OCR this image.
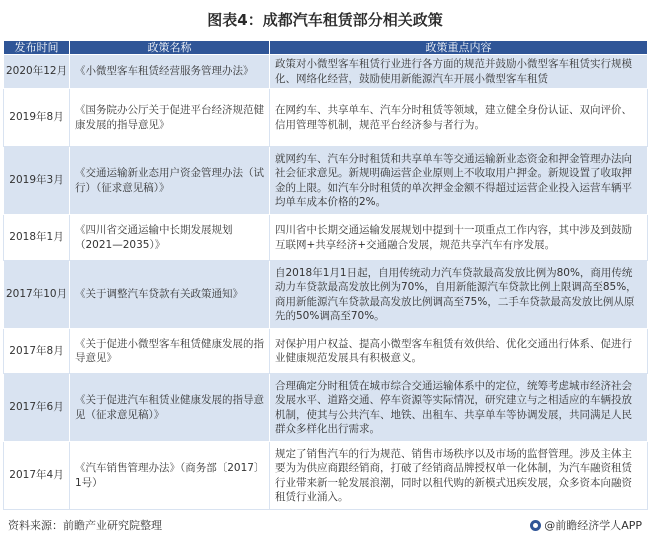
图表4：成都汽车租赁部分相关政策
发布时间	政策名称	政策重点内容
2020年12月	《小微型客车租赁经营服务管理办法》	政策对小微型客车租赁行业进行各方面的规范并鼓励小微型客车租赁实行规模化、网络化经营，鼓励使用新能源汽车开展小微型客车租赁
2019年8月	《国务院办公厅关于促进平台经济规范健康发展的指导意见》	在网约车、共享单车、汽车分时租赁等领域，建立健全身份认证、双向评价、信用管理等机制，规范平台经济参与者行为。
2019年3月	《交通运输新业态用户资金管理办法（试行）（征求意见稿）》	就网约车、汽车分时租赁和共享单车等交通运输新业态资金和押金管理办法向社会征求意见。新规明确运营企业原则上不收取用户押金。新规设置了收取押金的上限。如汽车分时租赁的单次押金金额不得超过运营企业投入运营车辆平均单车成本价格的2%。
2018年1月	《四川省交通运输中长期发展规划（2021—2035）》	四川省中长期交通运输发展规划中提到十一项重点工作内容，其中涉及到鼓励互联网+共享经济+交通融合发展，规范共享汽车有序发展。
2017年10月	《关于调整汽车贷款有关政策通知》	自2018年1月1日起，自用传统动力汽车贷款最高发放比例为80%，商用传统动力车贷款最高发放比例为70%，自用新能源汽车贷款比例上限调高至85%，商用新能源汽车贷款最高发放比例调高至75%，二手车贷款最高发放比例从原先的50%调高至70%。
2017年8月	《关于促进小微型客车租赁健康发展的指导意见》	对保护用户权益、提高小微型客车租赁有效供给、优化交通出行体系、促进行业健康规范发展具有积极意义。
2017年6月	《关于促进汽车租赁业健康发展的指导意见（征求意见稿）》	合理确定分时租赁在城市综合交通运输体系中的定位，统筹考虑城市经济社会发展水平、道路交通、停车资源等实际情况，研究建立与之相适应的车辆投放机制，使其与公共汽车、地铁、出租车、共享单车等协调发展，共同满足人民群众多样化出行需求。
2017年4月	《汽车销售管理办法》（商务部〔2017〕1号）	规定了销售汽车的行为规范、销售市场秩序以及市场的监督管理。涉及主体主要为为供应商跟经销商，打破了经销商品牌授权单一化体制，为汽车融资租赁行业带来新一轮发展浪潮，同时以租代购的新模式迅疾发展，众多资本向融资租赁行业涌入。
资料来源：前瞻产业研究院整理	@前瞻经济学人APP
